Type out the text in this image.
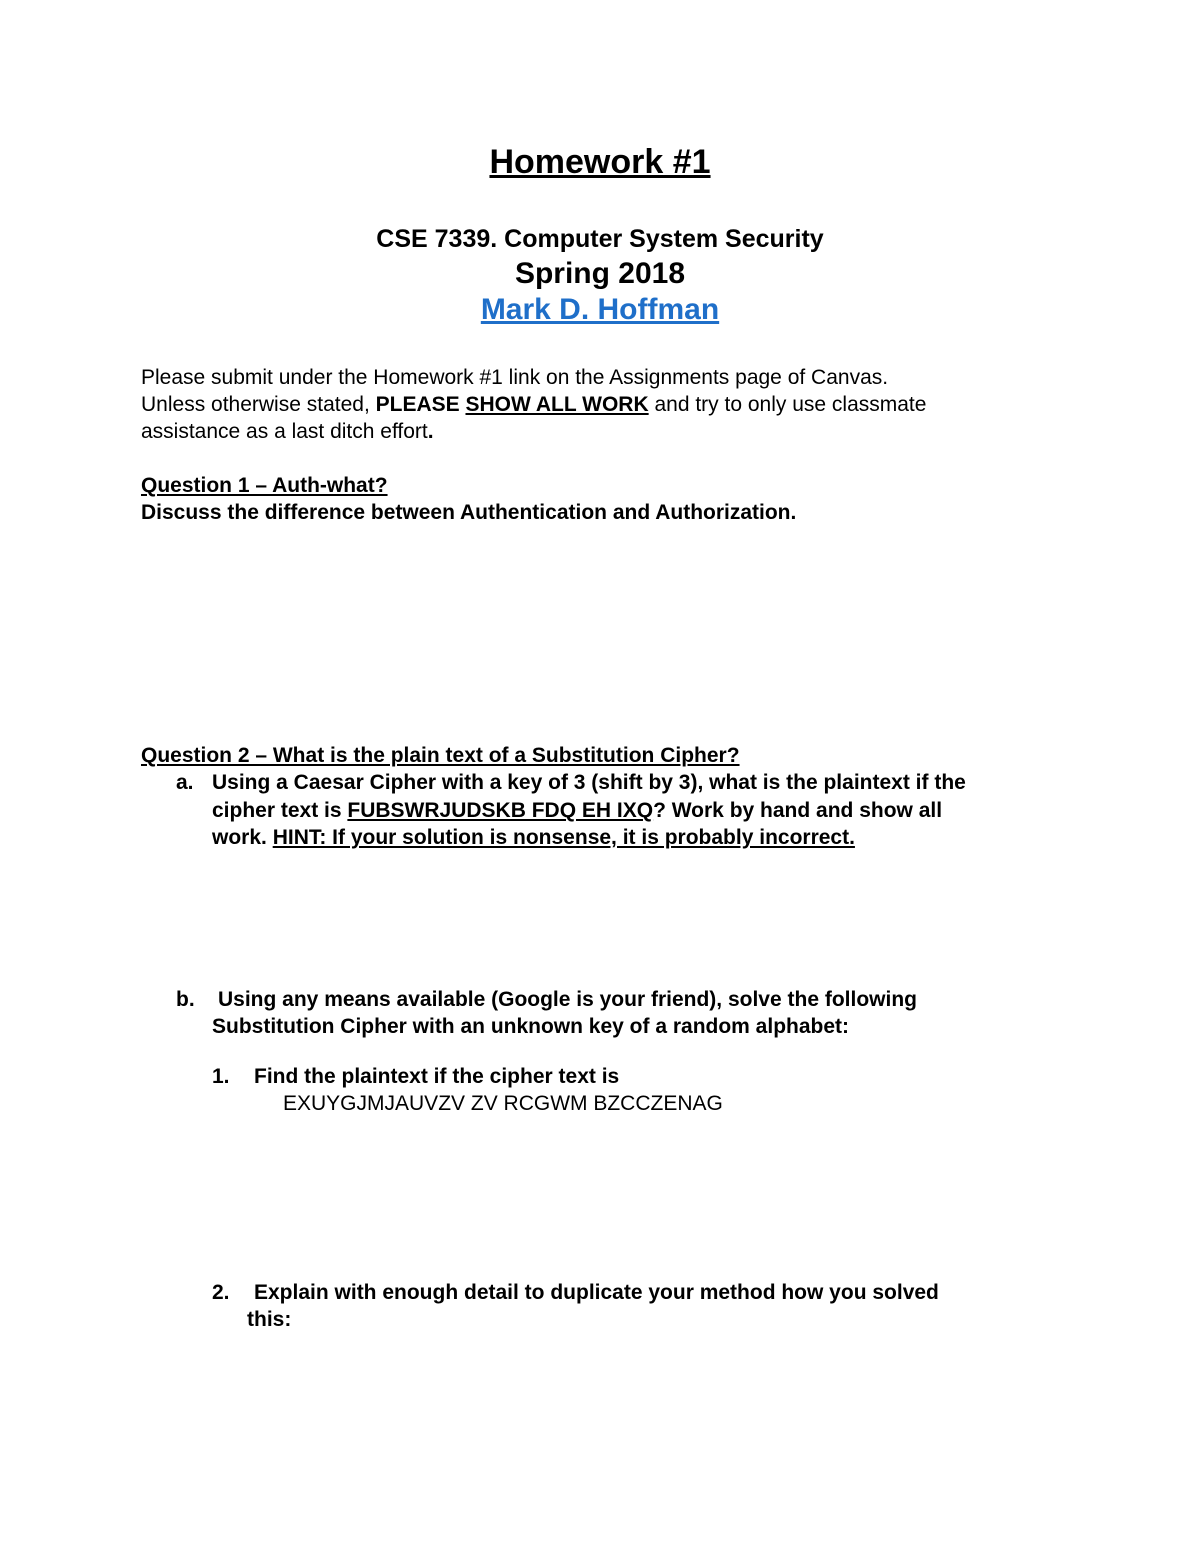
Homework #1
CSE 7339. Computer System Security
Spring 2018
Mark D. Hoffman
Please submit under the Homework #1 link on the Assignments page of Canvas.
Unless otherwise stated, PLEASE SHOW ALL WORK and try to only use classmate
assistance as a last ditch effort.
Question 1 – Auth-what?
Discuss the difference between Authentication and Authorization.
Question 2 – What is the plain text of a Substitution Cipher?
a. Using a Caesar Cipher with a key of 3 (shift by 3), what is the plaintext if the
cipher text is FUBSWRJUDSKB FDQ EH IXQ? Work by hand and show all
work. HINT: If your solution is nonsense, it is probably incorrect.
b. Using any means available (Google is your friend), solve the following
Substitution Cipher with an unknown key of a random alphabet:
1. Find the plaintext if the cipher text is
EXUYGJMJAUVZV ZV RCGWM BZCCZENAG
2. Explain with enough detail to duplicate your method how you solved
this:
